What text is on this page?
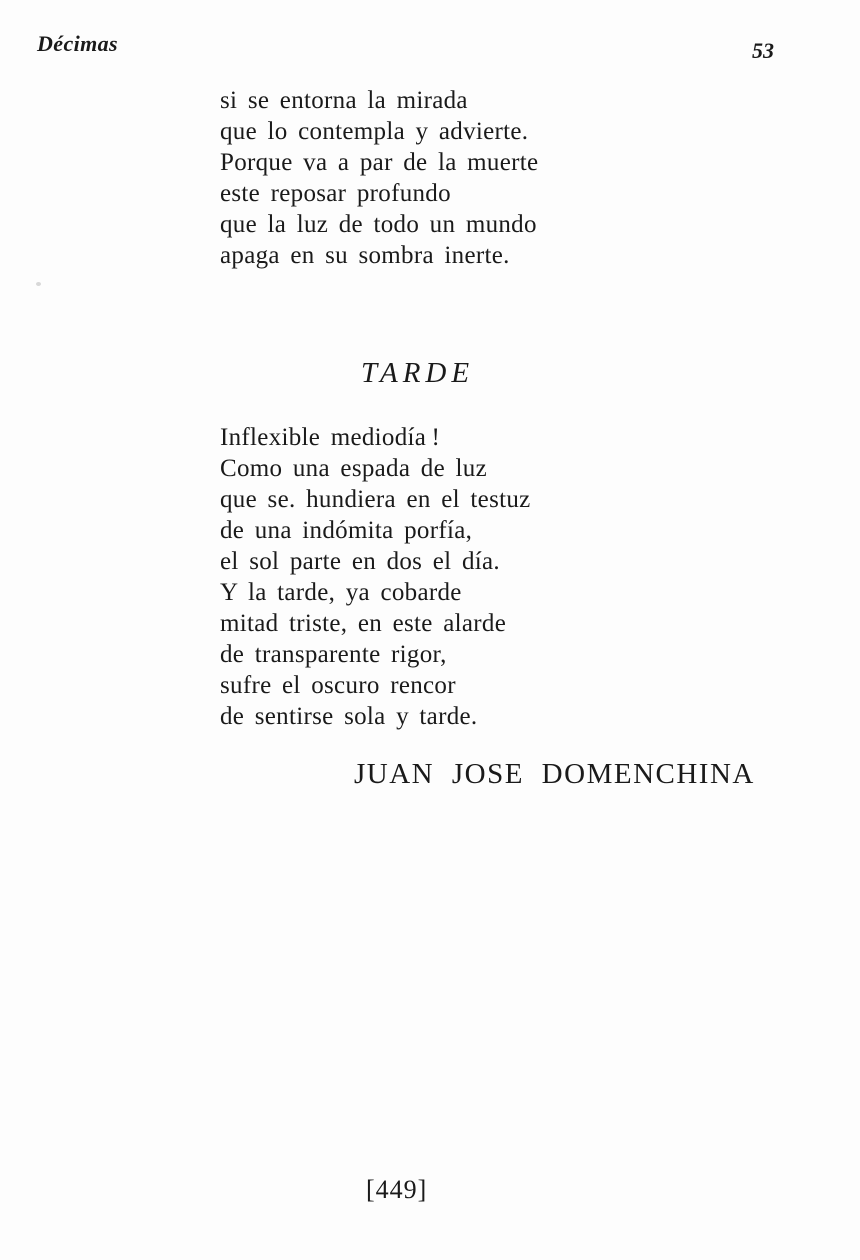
Décimas	53
si se entorna la mirada
que lo contempla y advierte.
Porque va a par de la muerte
este reposar profundo
que la luz de todo un mundo
apaga en su sombra inerte.
TARDE
Inflexible mediodía !
Como una espada de luz
que se. hundiera en el testuz
de una indómita porfía,
el sol parte en dos el día.
Y la tarde, ya cobarde
mitad triste, en este alarde
de transparente rigor,
sufre el oscuro rencor
de sentirse sola y tarde.
JUAN JOSE DOMENCHINA
[449]
